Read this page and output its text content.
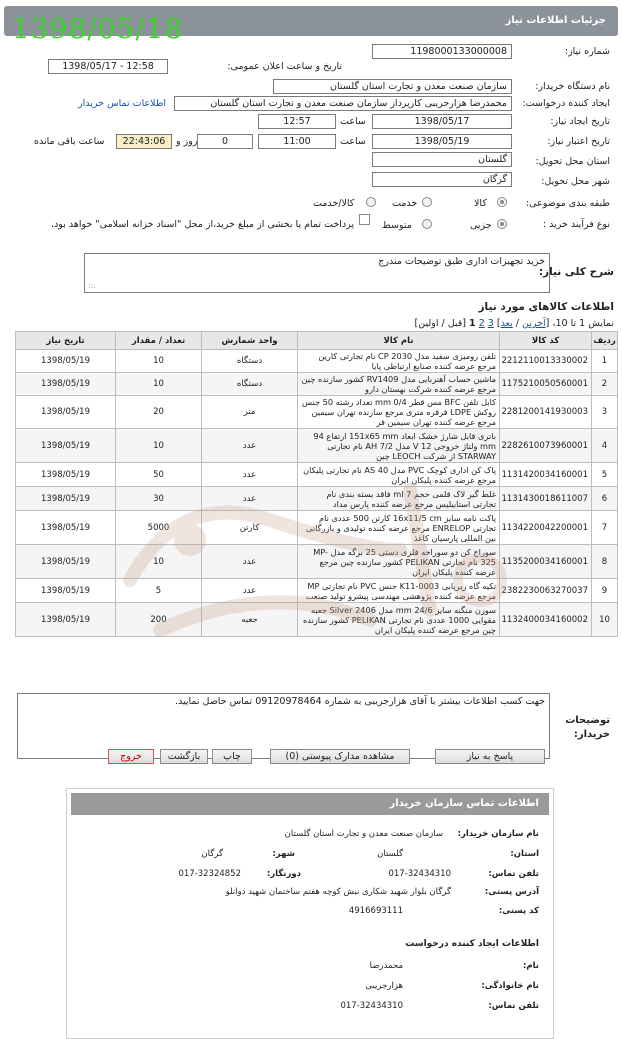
جزئیات اطلاعات نیاز
1398/05/18
شماره نیاز:
1198000133000008
تاریخ و ساعت اعلان عمومی:
1398/05/17 - 12:58
نام دستگاه خریدار:
سازمان صنعت معدن و تجارت استان گلستان
ایجاد کننده درخواست:
محمدرضا هزارجریبی کارپرداز سازمان صنعت معدن و تجارت استان گلستان
اطلاعات تماس خریدار
تاریخ ایجاد نیاز:
1398/05/17
ساعت
12:57
تاریخ اعتبار نیاز:
1398/05/19
ساعت
11:00
0
روز و
22:43:06
ساعت باقی مانده
استان محل تحویل:
گلستان
شهر محل تحویل:
گرگان
طبقه بندی موضوعی:
کالا
خدمت
کالا/خدمت
نوع فرآیند خرید :
جزیی
متوسط
پرداخت تمام یا بخشی از مبلغ خرید،از محل "اسناد خزانه اسلامی" خواهد بود.
شرح کلی نیاز:
خرید تجهیزات اداری طبق توضیحات مندرج
.::
اطلاعات کالاهای مورد نیاز
نمایش 1 تا 10، [آخرین / بعد] 3 2 1 [قبل / اولین]
ردیف	کد کالا	نام کالا	واحد شمارش	تعداد / مقدار	تاریخ نیاز
1	2212110013330002	تلفن رومیزی سفید مدل CP 2030 نام تجارتی کارین مرجع عرضه کننده صنایع ارتباطی پایا	دستگاه	10	1398/05/19
2	1175210050560001	ماشین حساب آهنربایی مدل RV1409 کشور سازنده چین مرجع عرضه کننده شرکت بهستان دارو	دستگاه	10	1398/05/19
3	2281200141930003	کابل تلفن BFC مس قطر 0/4 mm تعداد رشته 50 جنس روکش LDPE فرقره متری مرجع سازنده تهران سیمین مرجع عرضه کننده تهران سیمین فر	متر	20	1398/05/19
4	2282610073960001	باتری قابل شارژ خشک ابعاد 151x65 mm ارتفاع 94 mm ولتاژ خروجی 12 V مدل AH 7/2 نام تجارتی STARWAY از شرکت LEOCH چین	عدد	10	1398/05/19
5	1131420034160001	پاک کن اداری کوچک PVC مدل AS 40 نام تجارتی پلیکان مرجع عرضه کننده پلیکان ایران	عدد	50	1398/05/19
6	1131430018611007	غلط گیر لاک قلمی حجم 7 ml فاقد بسته بندی نام تجارتی استابیلیس مرجع عرضه کننده پارس مداد	عدد	30	1398/05/19
7	1134220042200001	پاکت نامه سایز 16x11/5 cm کارتن 500 عددی نام تجارتی ENRELOP مرجع عرضه کننده تولیدی و بازرگانی بین المللی پارسیان کاغذ	کارتن	5000	1398/05/19
8	1135200034160001	سوراخ کن دو سوراخه فلزی دستی 25 برگه مدل MP-325 نام تجارتی PELIKAN کشور سازنده چین مرجع عرضه کننده پلیکان ایران	عدد	10	1398/05/19
9	2382230063270037	تکیه گاه زیرپایی K11-0003 جنس PVC نام تجارتی MP مرجع عرضه کننده پژوهشی مهندسی پیشرو تولید صنعت	عدد	5	1398/05/19
10	1132400034160002	سوزن منگنه سایز 24/6 mm مدل Silver 2406 جعبه مقوایی 1000 عددی نام تجارتی PELIKAN کشور سازنده چین مرجع عرضه کننده پلیکان ایران	جعبه	200	1398/05/19
جهت کسب اطلاعات بیشتر با آقای هزارجریبی به شماره 09120978464 تماس حاصل نمایید.
توضیحات خریدار:
پاسخ به نیاز
مشاهده مدارک پیوستی (0)
چاپ
بازگشت
خروج
اطلاعات تماس سازمان خریدار
نام سازمان خریدار:
سازمان صنعت معدن و تجارت استان گلستان
استان:
گلستان
شهر:
گرگان
تلفن تماس:
017-32434310
دورنگار:
017-32324852
آدرس پستی:
گرگان بلوار شهید شکاری نبش کوچه هفتم ساختمان شهید دوانلو
کد پستی:
4916693111
اطلاعات ایجاد کننده درخواست
نام:
محمدرضا
نام خانوادگی:
هزارجریبی
تلفن تماس:
017-32434310
